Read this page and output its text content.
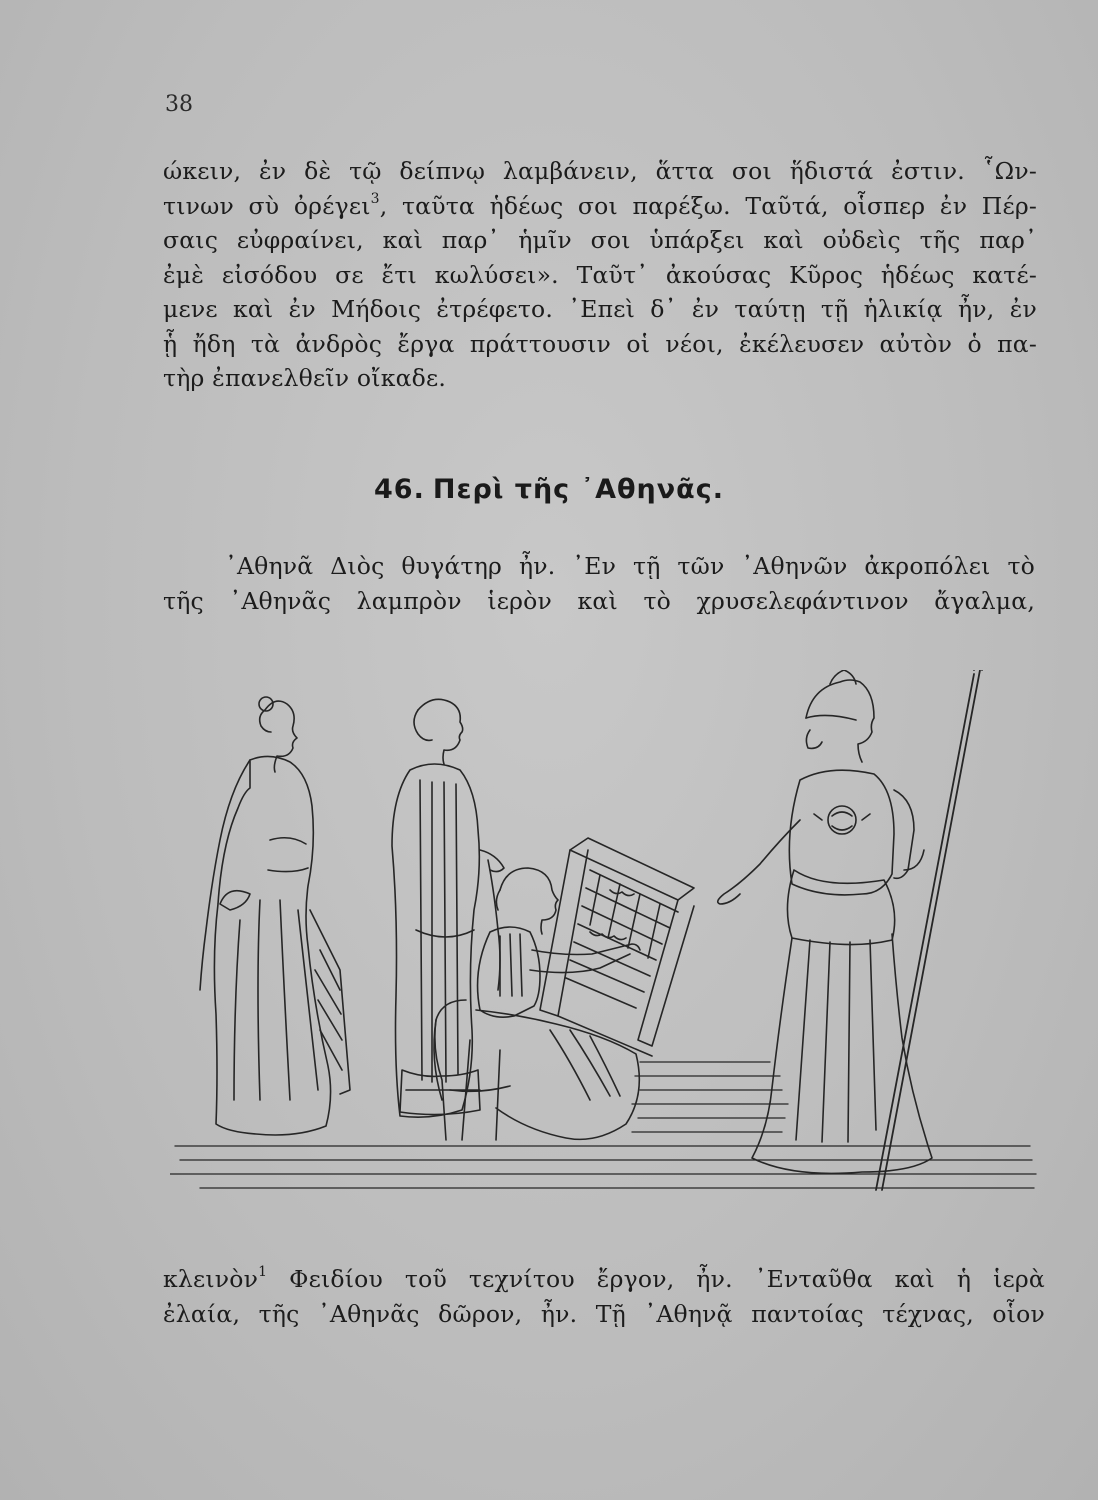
38
ώκειν, ἐν δὲ τῷ δείπνῳ λαμβάνειν, ἅττα σοι ἥδιστά ἐστιν. ῟Ων-
τινων σὺ ὀρέγει$^3$, ταῦτα ἡδέως σοι παρέξω. Ταῦτά, οἷσπερ ἐν Πέρ-
σαις εὐφραίνει, καὶ παρ᾽ ἡμῖν σοι ὑπάρξει καὶ οὐδεὶς τῆς παρ᾽
ἐμὲ εἰσόδου σε ἔτι κωλύσει». Ταῦτ᾽ ἀκούσας Κῦρος ἡδέως κατέ-
μενε καὶ ἐν Μήδοις ἐτρέφετο. ᾽Επεὶ δ᾽ ἐν ταύτῃ τῇ ἡλικίᾳ ἦν, ἐν
ᾗ ἤδη τὰ ἀνδρὸς ἔργα πράττουσιν οἱ νέοι, ἐκέλευσεν αὐτὸν ὁ πα-
τὴρ ἐπανελθεῖν οἴκαδε.
46. Περὶ τῆς ᾽Αθηνᾶς.
᾽Αθηνᾶ Διὸς θυγάτηρ ἦν. ᾽Εν τῇ τῶν ᾽Αθηνῶν ἀκροπόλει τὸ
τῆς ᾽Αθηνᾶς λαμπρὸν ἱερὸν καὶ τὸ χρυσελεφάντινον ἄγαλμα,
κλεινὸν$^1$ Φειδίου τοῦ τεχνίτου ἔργον, ἦν. ᾽Ενταῦθα καὶ ἡ ἱερὰ
ἐλαία, τῆς ᾽Αθηνᾶς δῶρον, ἦν. Τῇ ᾽Αθηνᾷ παντοίας τέχνας, οἷον
